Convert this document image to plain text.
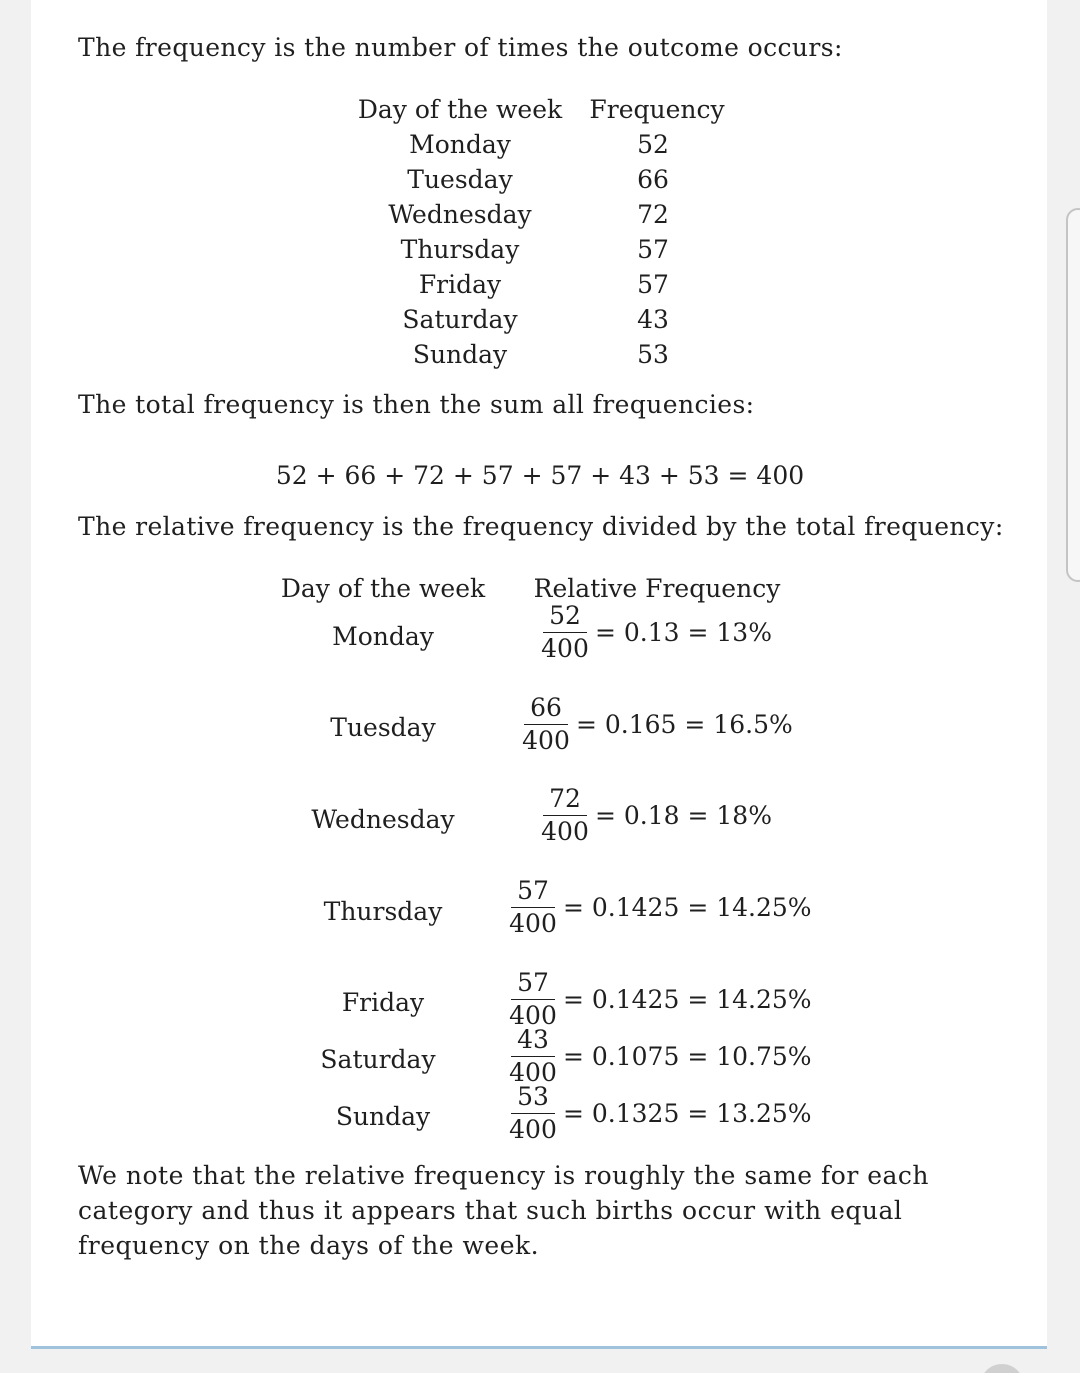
The frequency is the number of times the outcome occurs:
Day of the week Frequency
Monday	52
Tuesday	66
Wednesday	72
Thursday	57
Friday	57
Saturday	43
Sunday	53
The total frequency is then the sum all frequencies:
52 + 66 + 72 + 57 + 57 + 43 + 53 = 400
The relative frequency is the frequency divided by the total frequency:
Day of the week Relative Frequency
Monday	$\frac{52}{400} = 0.13 = 13\%$
Tuesday	$\frac{66}{400} = 0.165 = 16.5\%$
Wednesday	$\frac{72}{400} = 0.18 = 18\%$
Thursday	$\frac{57}{400} = 0.1425 = 14.25\%$
Friday	$\frac{57}{400} = 0.1425 = 14.25\%$
Saturday	$\frac{43}{400} = 0.1075 = 10.75\%$
Sunday	$\frac{53}{400} = 0.1325 = 13.25\%$
We note that the relative frequency is roughly the same for each category and thus it appears that such births occur with equal frequency on the days of the week.
